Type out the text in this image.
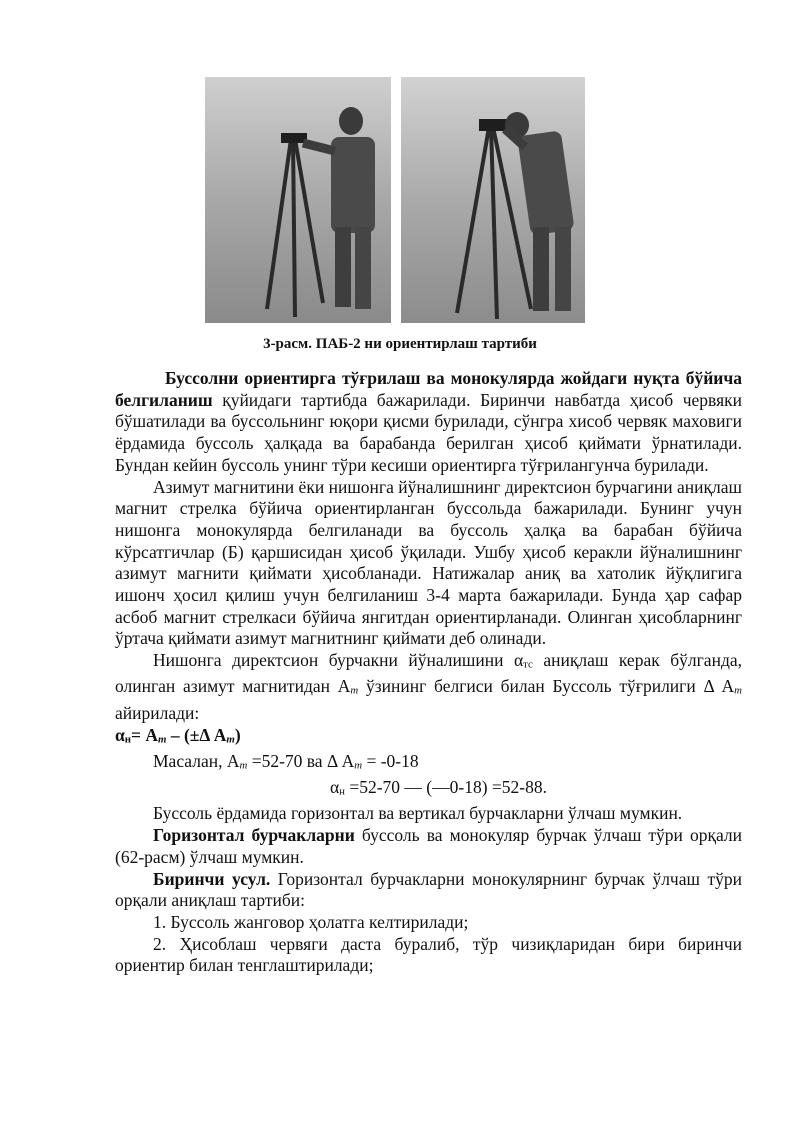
3-расм. ПАБ-2 ни ориентирлаш тартиби

Буссолни ориентирга тўғрилаш ва монокулярда жойдаги нуқта бўйича белгиланиш қуйидаги тартибда бажарилади. Биринчи навбатда ҳисоб червяки бўшатилади ва буссольнинг юқори қисми бурилади, сўнгра хисоб червяк маховиги ёрдамида буссоль ҳалқада ва барабанда берилган ҳисоб қиймати ўрнатилади. Бундан кейин буссоль унинг тўри кесиши ориентирга тўғрилангунча бурилади.

Азимут магнитини ёки нишонга йўналишнинг директсион бурчагини аниқлаш магнит стрелка бўйича ориентирланган буссольда бажарилади. Бунинг учун нишонга монокулярда белгиланади ва буссоль ҳалқа ва барабан бўйича кўрсатгичлар (Б) қаршисидан ҳисоб ўқилади. Ушбу ҳисоб керакли йўналишнинг азимут магнити қиймати ҳисобланади. Натижалар аниқ ва хатолик йўқлигига ишонч ҳосил қилиш учун белгиланиш 3-4 марта бажарилади. Бунда ҳар сафар асбоб магнит стрелкаси бўйича янгитдан ориентирланади. Олинган ҳисобларнинг ўртача қиймати азимут магнитнинг қиймати деб олинади.

Нишонга директсион бурчакни йўналишини αтс аниқлаш керак бўлганда, олинган азимут магнитидан Ат ўзининг белгиси билан Буссоль тўғрилиги Δ Ат айирилади:

αн= Ат – (±Δ Ат)

Масалан, Ат =52-70 ва Δ Ат = -0-18

αн =52-70 — (—0-18) =52-88.

Буссоль ёрдамида горизонтал ва вертикал бурчакларни ўлчаш мумкин.

Горизонтал бурчакларни буссоль ва монокуляр бурчак ўлчаш тўри орқали (62-расм) ўлчаш мумкин.

Биринчи усул. Горизонтал бурчакларни монокулярнинг бурчак ўлчаш тўри орқали аниқлаш тартиби:

1. Буссоль жанговор ҳолатга келтирилади;

2. Ҳисоблаш червяги даста буралиб, тўр чизиқларидан бири биринчи ориентир билан тенглаштирилади;
